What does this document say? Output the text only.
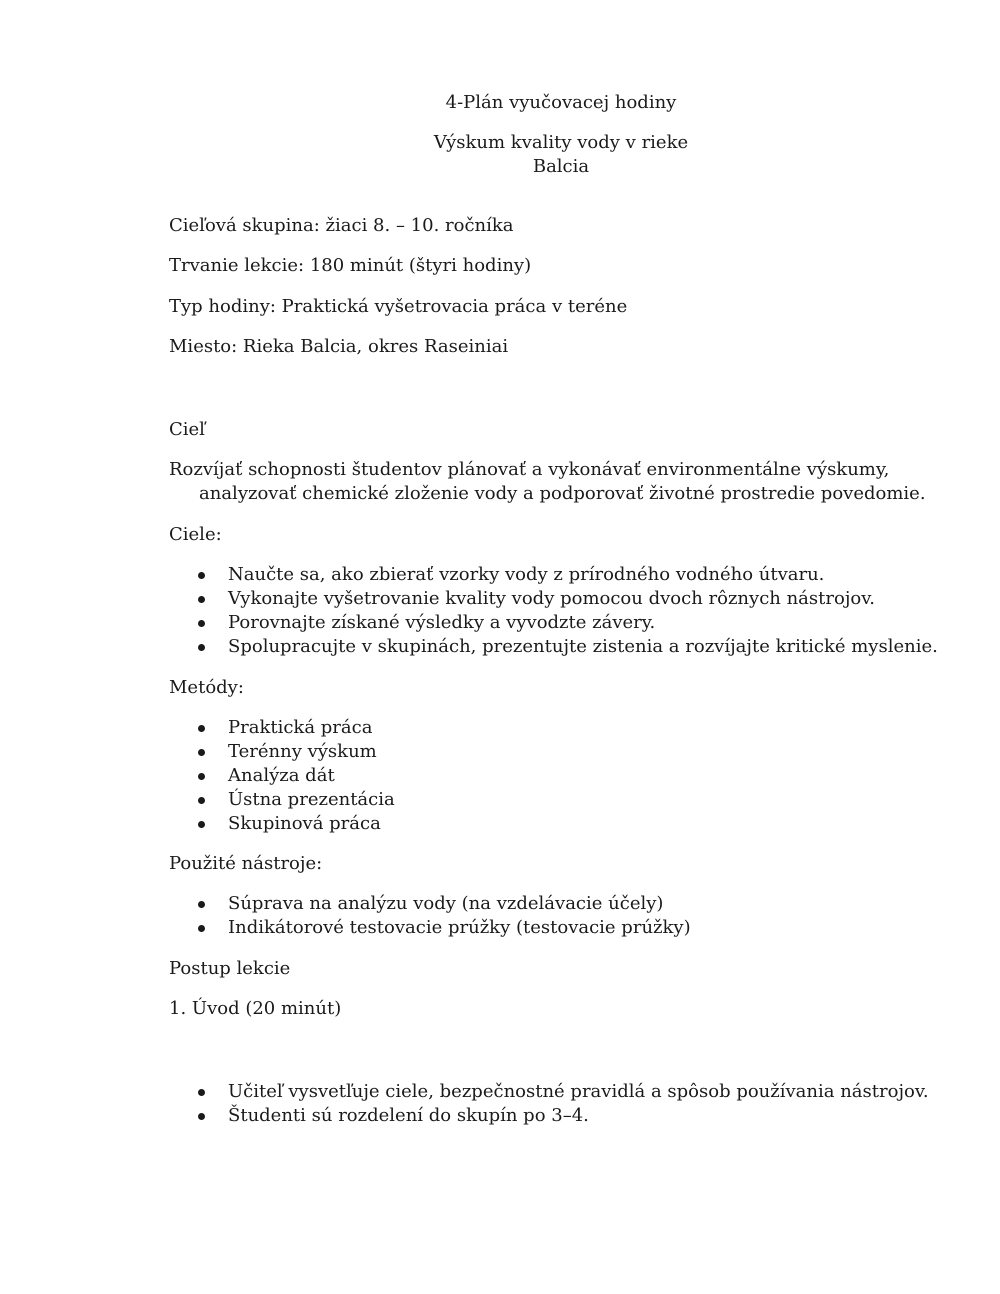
4-Plán vyučovacej hodiny
Výskum kvality vody v rieke Balcia

Cieľová skupina: žiaci 8. – 10. ročníka

Trvanie lekcie: 180 minút (štyri hodiny)

Typ hodiny: Praktická vyšetrovacia práca v teréne

Miesto: Rieka Balcia, okres Raseiniai

Cieľ

Rozvíjať schopnosti študentov plánovať a vykonávať environmentálne výskumy,
analyzovať chemické zloženie vody a podporovať životné prostredie povedomie.

Ciele:

Naučte sa, ako zbierať vzorky vody z prírodného vodného útvaru.
Vykonajte vyšetrovanie kvality vody pomocou dvoch rôznych nástrojov.
Porovnajte získané výsledky a vyvodzte závery.
Spolupracujte v skupinách, prezentujte zistenia a rozvíjajte kritické myslenie.

Metódy:

Praktická práca
Terénny výskum
Analýza dát
Ústna prezentácia
Skupinová práca

Použité nástroje:

Súprava na analýzu vody (na vzdelávacie účely)
Indikátorové testovacie prúžky (testovacie prúžky)

Postup lekcie

1. Úvod (20 minút)

Učiteľ vysvetľuje ciele, bezpečnostné pravidlá a spôsob používania nástrojov.
Študenti sú rozdelení do skupín po 3–4.
